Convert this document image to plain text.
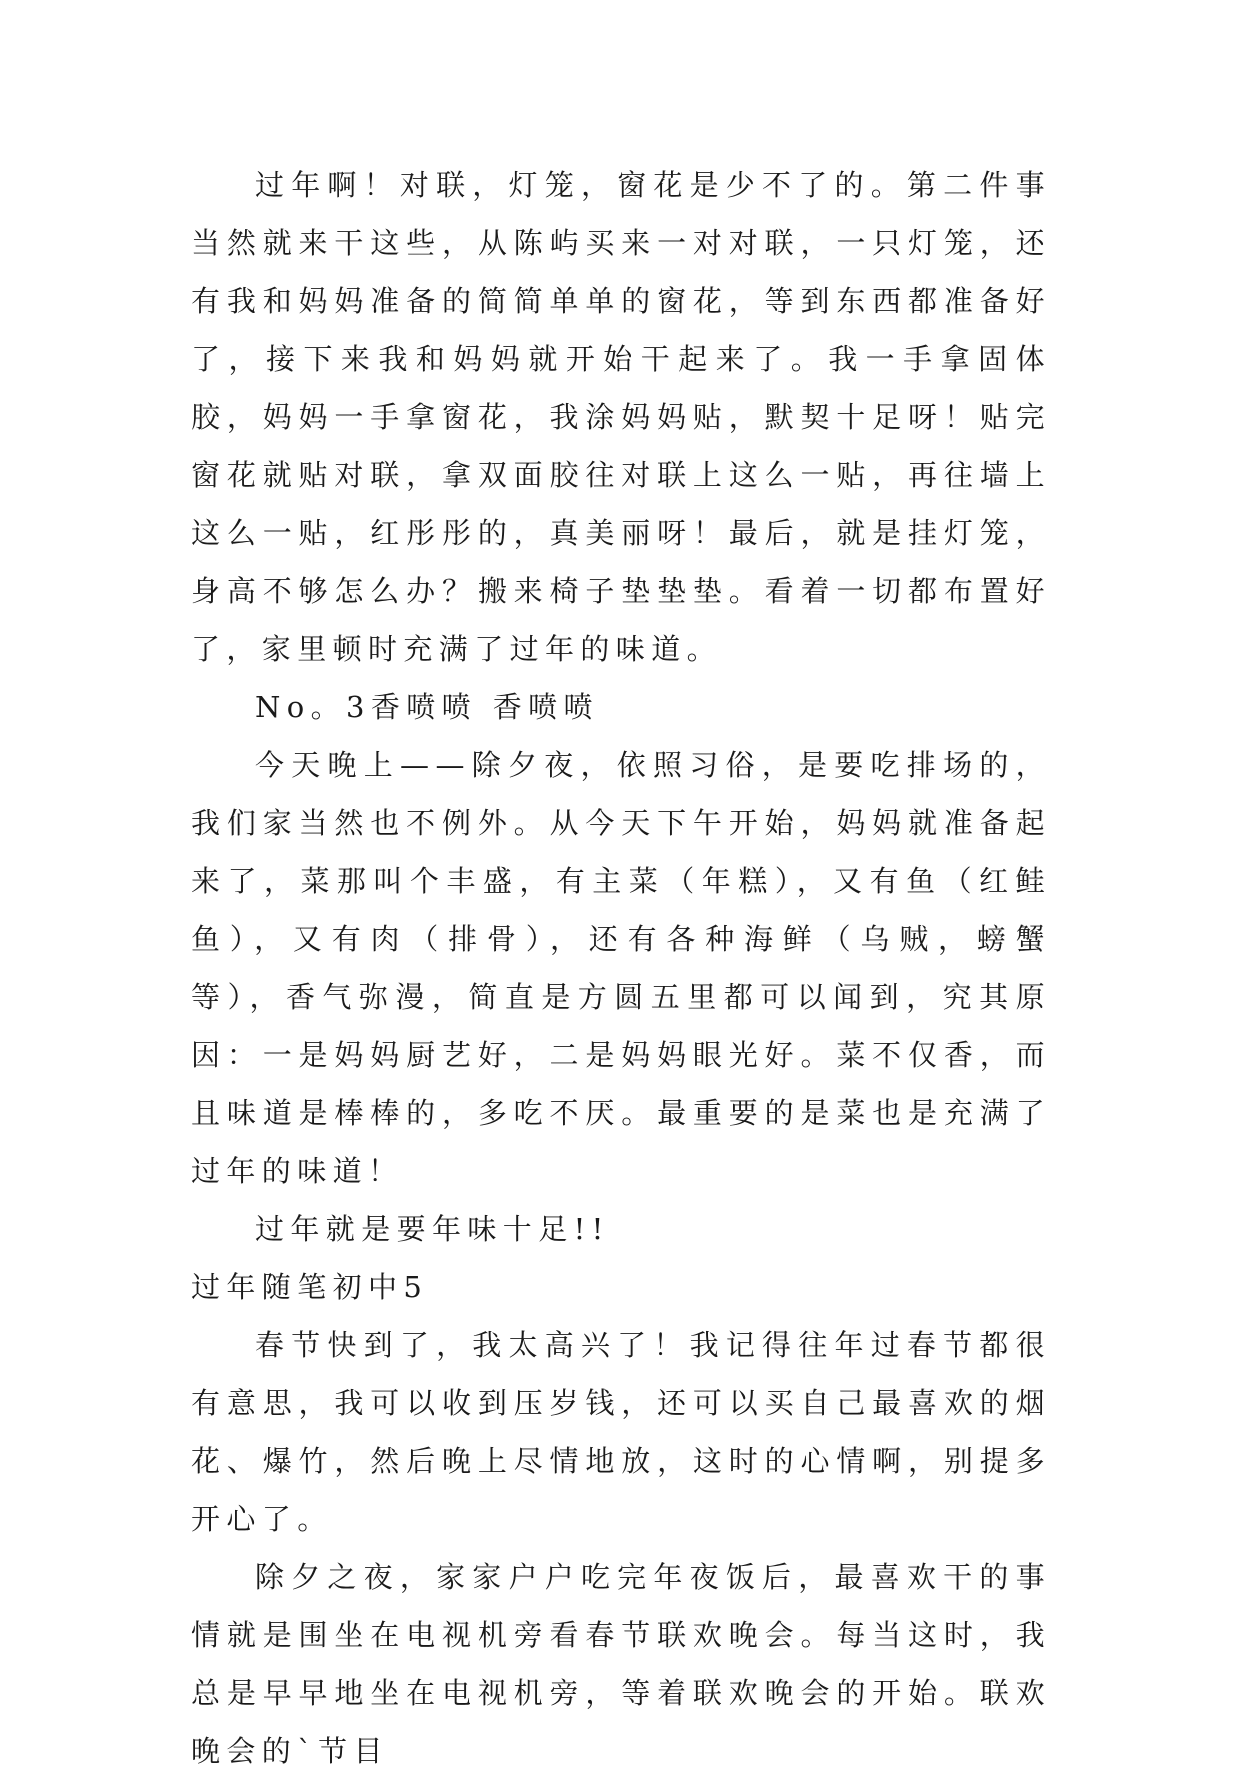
过年啊！对联，灯笼，窗花是少不了的。第二件事当然就来干这些，从陈屿买来一对对联，一只灯笼，还有我和妈妈准备的简简单单的窗花，等到东西都准备好了，接下来我和妈妈就开始干起来了。我一手拿固体胶，妈妈一手拿窗花，我涂妈妈贴，默契十足呀！贴完窗花就贴对联，拿双面胶往对联上这么一贴，再往墙上这么一贴，红彤彤的，真美丽呀！最后，就是挂灯笼，身高不够怎么办？搬来椅子垫垫垫。看着一切都布置好了，家里顿时充满了过年的味道。

No。3香喷喷 香喷喷

今天晚上——除夕夜，依照习俗，是要吃排场的，我们家当然也不例外。从今天下午开始，妈妈就准备起来了，菜那叫个丰盛，有主菜（年糕），又有鱼（红鲑鱼），又有肉（排骨），还有各种海鲜（乌贼，螃蟹等），香气弥漫，简直是方圆五里都可以闻到，究其原因：一是妈妈厨艺好，二是妈妈眼光好。菜不仅香，而且味道是棒棒的，多吃不厌。最重要的是菜也是充满了过年的味道！

过年就是要年味十足!!

过年随笔初中5

春节快到了，我太高兴了！我记得往年过春节都很有意思，我可以收到压岁钱，还可以买自己最喜欢的烟花、爆竹，然后晚上尽情地放，这时的心情啊，别提多开心了。

除夕之夜，家家户户吃完年夜饭后，最喜欢干的事情就是围坐在电视机旁看春节联欢晚会。每当这时，我总是早早地坐在电视机旁，等着联欢晚会的开始。联欢晚会的`节目
